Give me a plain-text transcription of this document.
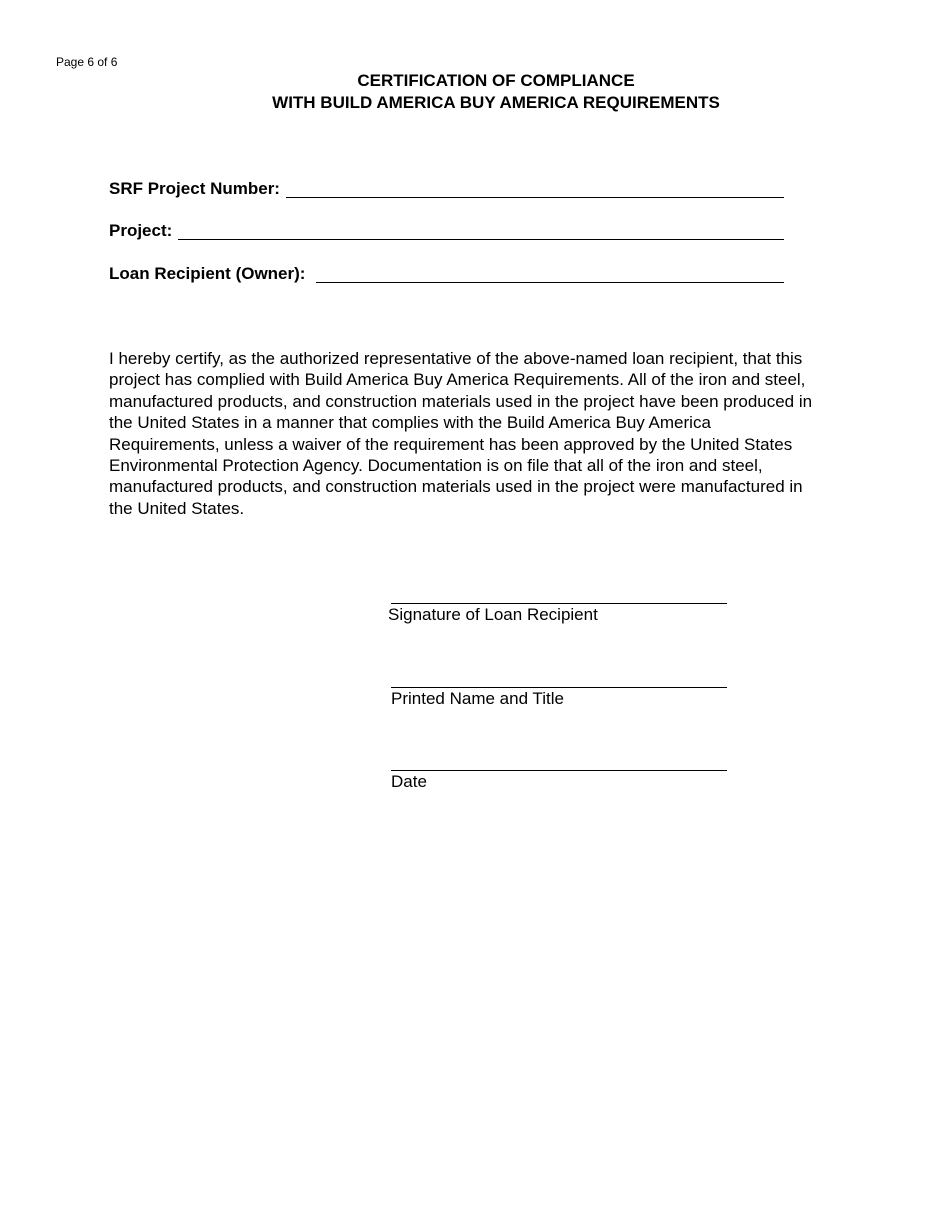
Page 6 of 6
CERTIFICATION OF COMPLIANCE
WITH BUILD AMERICA BUY AMERICA REQUIREMENTS
SRF Project Number:
Project:
Loan Recipient (Owner):
I hereby certify, as the authorized representative of the above-named loan recipient, that this
project has complied with Build America Buy America Requirements. All of the iron and steel,
manufactured products, and construction materials used in the project have been produced in
the United States in a manner that complies with the Build America Buy America
Requirements, unless a waiver of the requirement has been approved by the United States
Environmental Protection Agency. Documentation is on file that all of the iron and steel,
manufactured products, and construction materials used in the project were manufactured in
the United States.
Signature of Loan Recipient
Printed Name and Title
Date
